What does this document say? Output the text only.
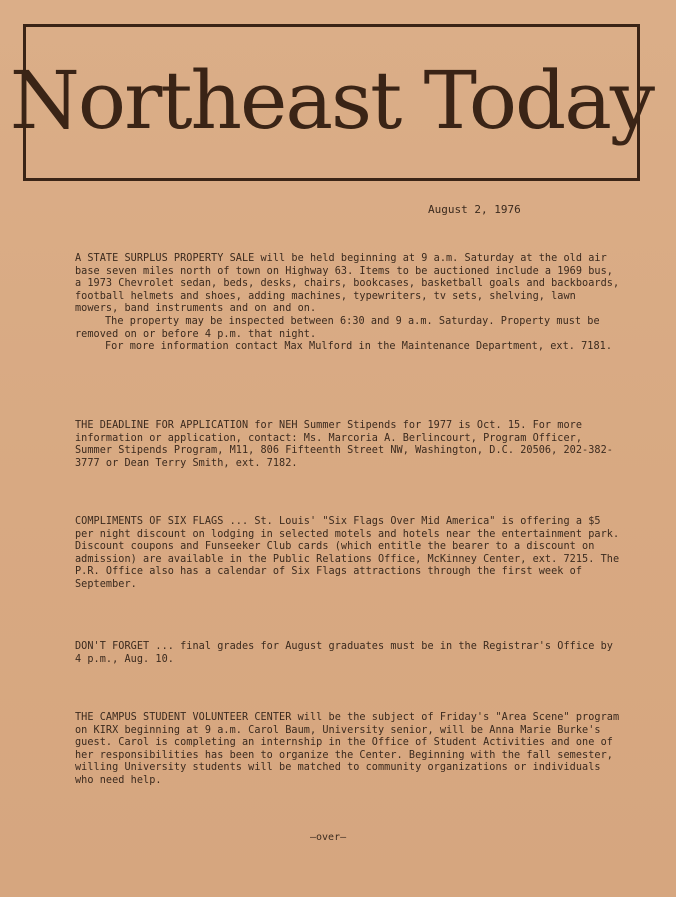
Northeast Today
August 2, 1976
A STATE SURPLUS PROPERTY SALE will be held beginning at 9 a.m. Saturday at the old air base seven miles north of town on Highway 63. Items to be auctioned include a 1969 bus, a 1973 Chevrolet sedan, beds, desks, chairs, bookcases, basketball goals and backboards, football helmets and shoes, adding machines, typewriters, tv sets, shelving, lawn mowers, band instruments and on and on.
The property may be inspected between 6:30 and 9 a.m. Saturday. Property must be removed on or before 4 p.m. that night.
For more information contact Max Mulford in the Maintenance Department, ext. 7181.
THE DEADLINE FOR APPLICATION for NEH Summer Stipends for 1977 is Oct. 15. For more information or application, contact: Ms. Marcoria A. Berlincourt, Program Officer, Summer Stipends Program, M11, 806 Fifteenth Street NW, Washington, D.C. 20506, 202-382-3777 or Dean Terry Smith, ext. 7182.
COMPLIMENTS OF SIX FLAGS ... St. Louis' "Six Flags Over Mid America" is offering a $5 per night discount on lodging in selected motels and hotels near the entertainment park. Discount coupons and Funseeker Club cards (which entitle the bearer to a discount on admission) are available in the Public Relations Office, McKinney Center, ext. 7215. The P.R. Office also has a calendar of Six Flags attractions through the first week of September.
DON'T FORGET ... final grades for August graduates must be in the Registrar's Office by 4 p.m., Aug. 10.
THE CAMPUS STUDENT VOLUNTEER CENTER will be the subject of Friday's "Area Scene" program on KIRX beginning at 9 a.m. Carol Baum, University senior, will be Anna Marie Burke's guest. Carol is completing an internship in the Office of Student Activities and one of her responsibilities has been to organize the Center. Beginning with the fall semester, willing University students will be matched to community organizations or individuals who need help.
—over—
